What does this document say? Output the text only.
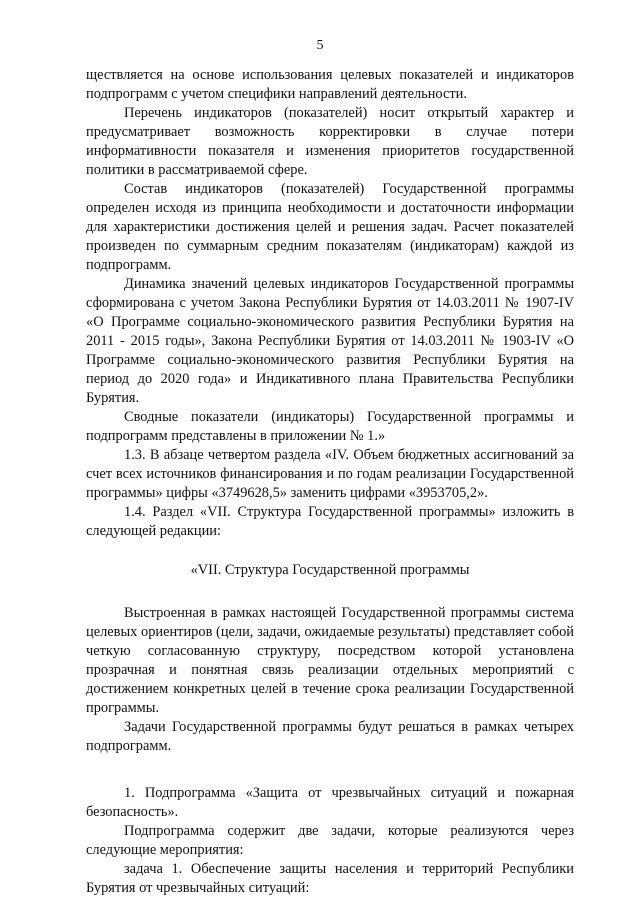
5

ществляется на основе использования целевых показателей и индикаторов подпрограмм с учетом специфики направлений деятельности.

Перечень индикаторов (показателей) носит открытый характер и предусматривает возможность корректировки в случае потери информативности показателя и изменения приоритетов государственной политики в рассматриваемой сфере.

Состав индикаторов (показателей) Государственной программы определен исходя из принципа необходимости и достаточности информации для характеристики достижения целей и решения задач. Расчет показателей произведен по суммарным средним показателям (индикаторам) каждой из подпрограмм.

Динамика значений целевых индикаторов Государственной программы сформирована с учетом Закона Республики Бурятия от 14.03.2011 № 1907-IV «О Программе социально-экономического развития Республики Бурятия на 2011 - 2015 годы», Закона Республики Бурятия от 14.03.2011 № 1903-IV «О Программе социально-экономического развития Республики Бурятия на период до 2020 года» и Индикативного плана Правительства Республики Бурятия.

Сводные показатели (индикаторы) Государственной программы и подпрограмм представлены в приложении № 1.»

1.3. В абзаце четвертом раздела «IV. Объем бюджетных ассигнований за счет всех источников финансирования и по годам реализации Государственной программы» цифры «3749628,5» заменить цифрами «3953705,2».

1.4. Раздел «VII. Структура Государственной программы» изложить в следующей редакции:

«VII. Структура Государственной программы

Выстроенная в рамках настоящей Государственной программы система целевых ориентиров (цели, задачи, ожидаемые результаты) представляет собой четкую согласованную структуру, посредством которой установлена прозрачная и понятная связь реализации отдельных мероприятий с достижением конкретных целей в течение срока реализации Государственной программы.

Задачи Государственной программы будут решаться в рамках четырех подпрограмм.

1. Подпрограмма «Защита от чрезвычайных ситуаций и пожарная безопасность».

Подпрограмма содержит две задачи, которые реализуются через следующие мероприятия:

задача 1. Обеспечение защиты населения и территорий Республики Бурятия от чрезвычайных ситуаций:
